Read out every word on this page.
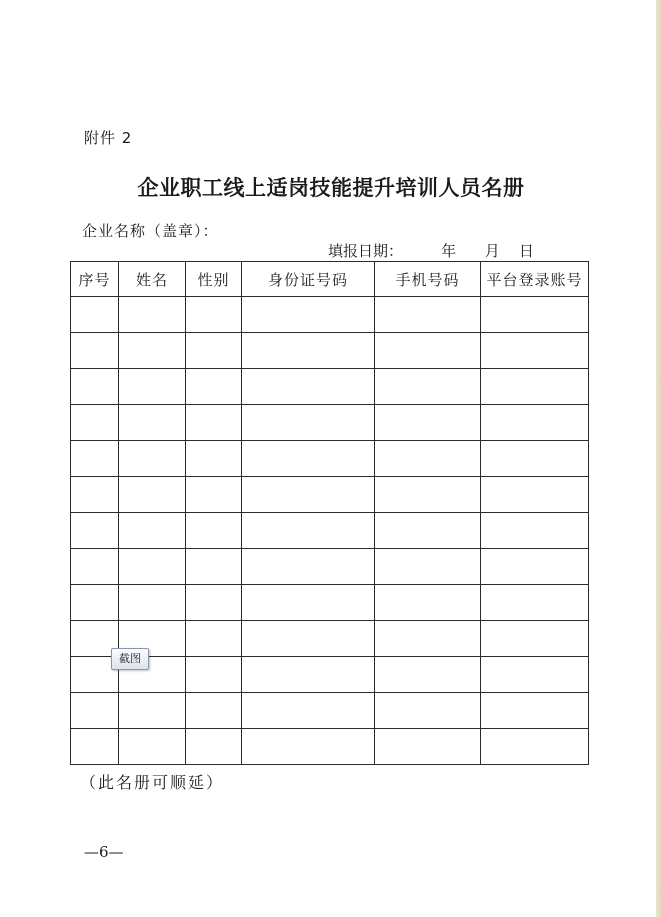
附件 2
企业职工线上适岗技能提升培训人员名册
企业名称（盖章）：
填报日期：	年 月 日
序号	姓名	性别	身份证号码	手机号码	平台登录账号

（此名册可顺延）
—6—
截图
